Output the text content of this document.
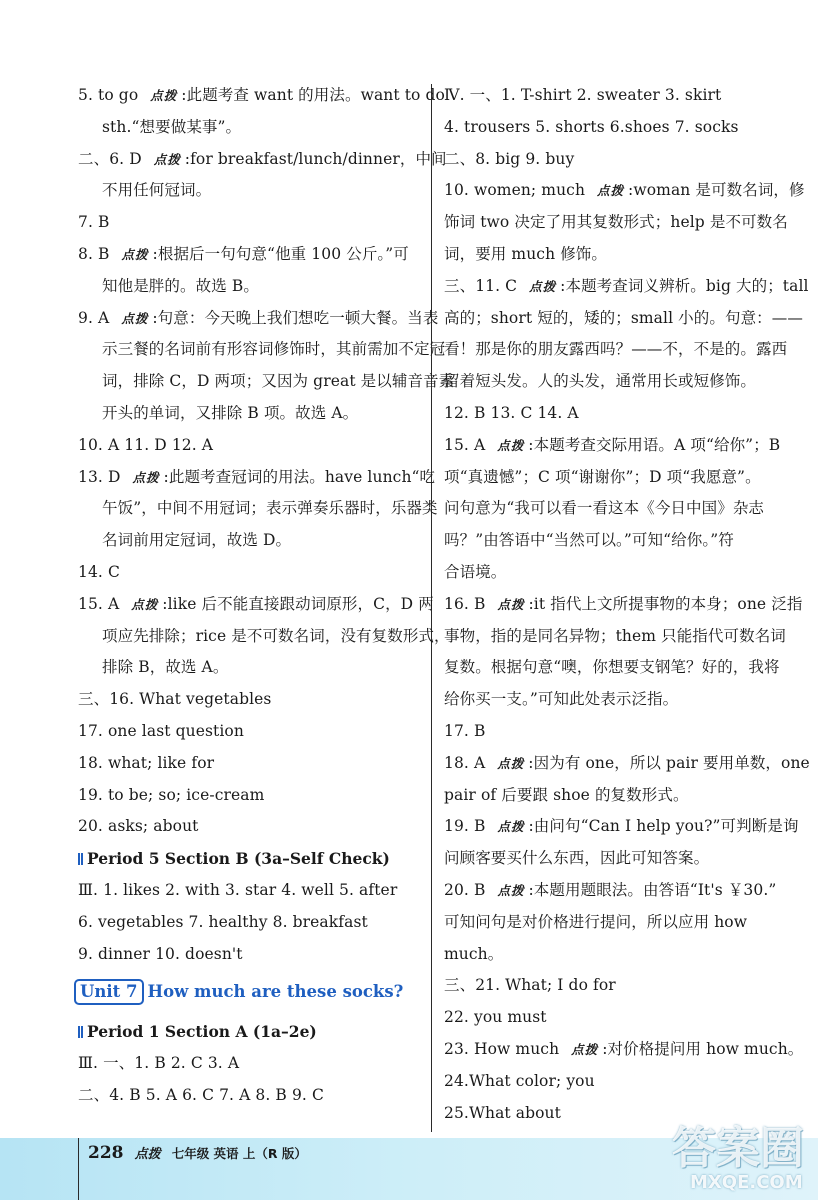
5. to go 点拨 :此题考查 want 的用法。want to do
sth.“想要做某事”。
二、6. D 点拨 :for breakfast/lunch/dinner，中间
不用任何冠词。
7. B
8. B 点拨 :根据后一句句意“他重 100 公斤。”可
知他是胖的。故选 B。
9. A 点拨 :句意：今天晚上我们想吃一顿大餐。当表
示三餐的名词前有形容词修饰时，其前需加不定冠
词，排除 C，D 两项；又因为 great 是以辅音音素
开头的单词，又排除 B 项。故选 A。
10. A 11. D 12. A
13. D 点拨 :此题考查冠词的用法。have lunch“吃
午饭”，中间不用冠词；表示弹奏乐器时，乐器类
名词前用定冠词，故选 D。
14. C
15. A 点拨 :like 后不能直接跟动词原形，C，D 两
项应先排除；rice 是不可数名词，没有复数形式，
排除 B，故选 A。
三、16. What vegetables
17. one last question
18. what; like for
19. to be; so; ice-cream
20. asks; about
Period 5 Section B (3a–Self Check)
Ⅲ. 1. likes 2. with 3. star 4. well 5. after
6. vegetables 7. healthy 8. breakfast
9. dinner 10. doesn't
Unit 7 How much are these socks?
Period 1 Section A (1a–2e)
Ⅲ. 一、1. B 2. C 3. A
二、4. B 5. A 6. C 7. A 8. B 9. C
Ⅳ. 一、1. T-shirt 2. sweater 3. skirt
4. trousers 5. shorts 6.shoes 7. socks
二、8. big 9. buy
10. women; much 点拨 :woman 是可数名词，修
饰词 two 决定了用其复数形式；help 是不可数名
词，要用 much 修饰。
三、11. C 点拨 :本题考查词义辨析。big 大的；tall
高的；short 短的，矮的；small 小的。句意：——
看！那是你的朋友露西吗？——不，不是的。露西
留着短头发。人的头发，通常用长或短修饰。
12. B 13. C 14. A
15. A 点拨 :本题考查交际用语。A 项“给你”；B
项“真遗憾”；C 项“谢谢你”；D 项“我愿意”。
问句意为“我可以看一看这本《今日中国》杂志
吗？”由答语中“当然可以。”可知“给你。”符
合语境。
16. B 点拨 :it 指代上文所提事物的本身；one 泛指
事物，指的是同名异物；them 只能指代可数名词
复数。根据句意“噢，你想要支钢笔？好的，我将
给你买一支。”可知此处表示泛指。
17. B
18. A 点拨 :因为有 one，所以 pair 要用单数，one
pair of 后要跟 shoe 的复数形式。
19. B 点拨 :由问句“Can I help you?”可判断是询
问顾客要买什么东西，因此可知答案。
20. B 点拨 :本题用题眼法。由答语“It's ￥30.”
可知问句是对价格进行提问，所以应用 how
much。
三、21. What; I do for
22. you must
23. How much 点拨 :对价格提问用 how much。
24.What color; you
25.What about
228 点拨 七年级 英语 上（R 版）	答案圈
MXQE.COM
